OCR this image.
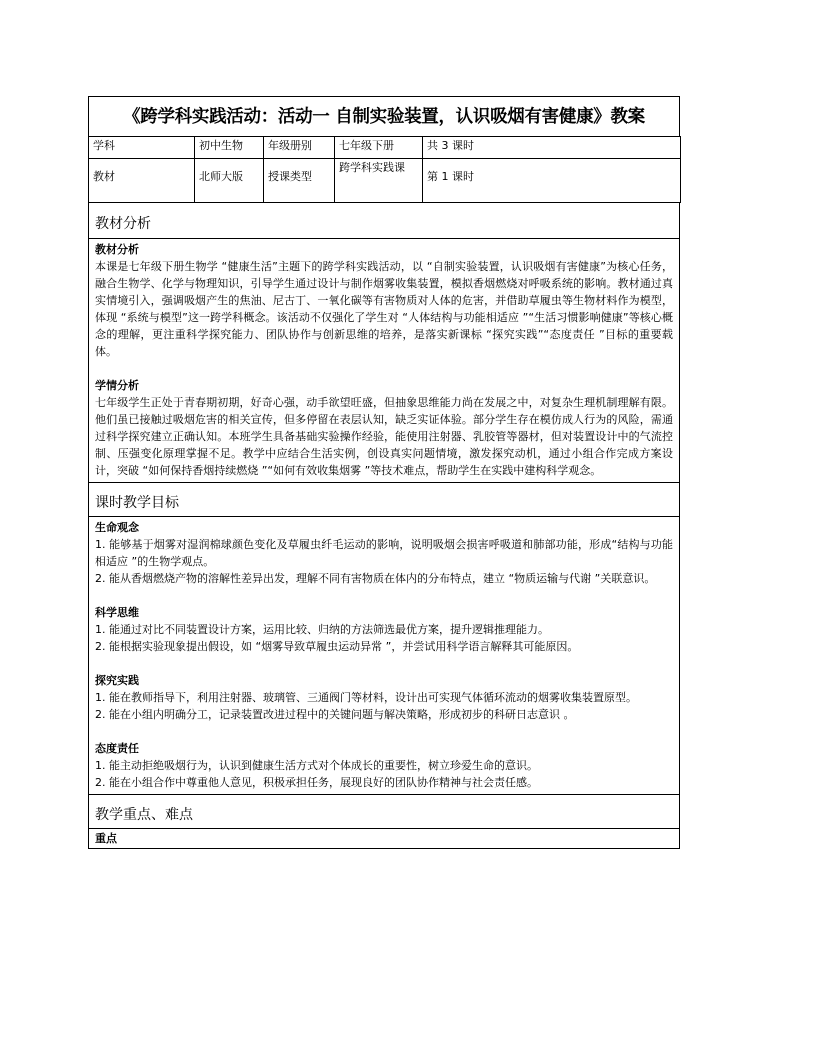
《跨学科实践活动：活动一 自制实验装置，认识吸烟有害健康》教案
学科	初中生物	年级册别	七年级下册	共 3 课时
教材	北师大版	授课类型	跨学科实践课	第 1 课时
教材分析
教材分析
本课是七年级下册生物学 “健康生活”主题下的跨学科实践活动，以 “自制实验装置，认识吸烟有害健康”为核心任务，融合生物学、化学与物理知识，引导学生通过设计与制作烟雾收集装置，模拟香烟燃烧对呼吸系统的影响。教材通过真实情境引入，强调吸烟产生的焦油、尼古丁、一氧化碳等有害物质对人体的危害，并借助草履虫等生物材料作为模型，体现 “系统与模型”这一跨学科概念。该活动不仅强化了学生对 “人体结构与功能相适应 ”“生活习惯影响健康”等核心概念的理解，更注重科学探究能力、团队协作与创新思维的培养，是落实新课标 “探究实践”“态度责任 ”目标的重要载体。
学情分析
七年级学生正处于青春期初期，好奇心强，动手欲望旺盛，但抽象思维能力尚在发展之中，对复杂生理机制理解有限。他们虽已接触过吸烟危害的相关宣传，但多停留在表层认知，缺乏实证体验。部分学生存在模仿成人行为的风险，需通过科学探究建立正确认知。本班学生具备基础实验操作经验，能使用注射器、乳胶管等器材，但对装置设计中的气流控制、压强变化原理掌握不足。教学中应结合生活实例，创设真实问题情境，激发探究动机，通过小组合作完成方案设计，突破 “如何保持香烟持续燃烧 ”“如何有效收集烟雾 ”等技术难点，帮助学生在实践中建构科学观念。
课时教学目标
生命观念
1. 能够基于烟雾对湿润棉球颜色变化及草履虫纤毛运动的影响，说明吸烟会损害呼吸道和肺部功能，形成“结构与功能相适应 ”的生物学观点。
2. 能从香烟燃烧产物的溶解性差异出发，理解不同有害物质在体内的分布特点，建立 “物质运输与代谢 ”关联意识。
科学思维
1. 能通过对比不同装置设计方案，运用比较、归纳的方法筛选最优方案，提升逻辑推理能力。
2. 能根据实验现象提出假设，如 “烟雾导致草履虫运动异常 ”，并尝试用科学语言解释其可能原因。
探究实践
1. 能在教师指导下，利用注射器、玻璃管、三通阀门等材料，设计出可实现气体循环流动的烟雾收集装置原型。
2. 能在小组内明确分工，记录装置改进过程中的关键问题与解决策略，形成初步的科研日志意识 。
态度责任
1. 能主动拒绝吸烟行为，认识到健康生活方式对个体成长的重要性，树立珍爱生命的意识。
2. 能在小组合作中尊重他人意见，积极承担任务，展现良好的团队协作精神与社会责任感。
教学重点、难点
重点
